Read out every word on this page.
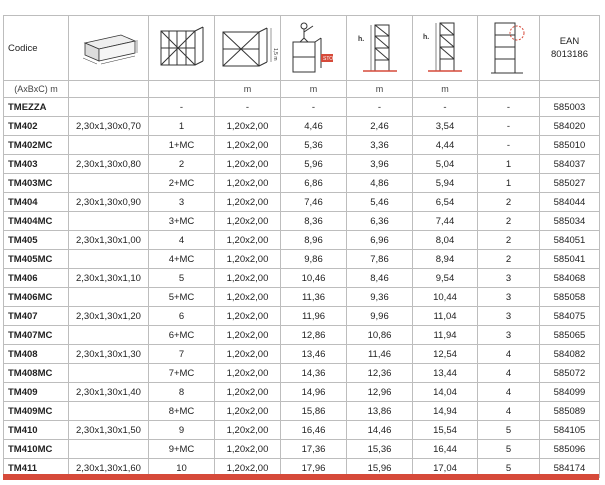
Codice			1,5 m	STOP	h.	h.		EAN
8013186

(AxBxC) m			m	m	m	m		
TMEZZA		-	-	-	-	-	-	585003
TM402	2,30x1,30x0,70	1	1,20x2,00	4,46	2,46	3,54	-	584020
TM402MC		1+MC	1,20x2,00	5,36	3,36	4,44	-	585010
TM403	2,30x1,30x0,80	2	1,20x2,00	5,96	3,96	5,04	1	584037
TM403MC		2+MC	1,20x2,00	6,86	4,86	5,94	1	585027
TM404	2,30x1,30x0,90	3	1,20x2,00	7,46	5,46	6,54	2	584044
TM404MC		3+MC	1,20x2,00	8,36	6,36	7,44	2	585034
TM405	2,30x1,30x1,00	4	1,20x2,00	8,96	6,96	8,04	2	584051
TM405MC		4+MC	1,20x2,00	9,86	7,86	8,94	2	585041
TM406	2,30x1,30x1,10	5	1,20x2,00	10,46	8,46	9,54	3	584068
TM406MC		5+MC	1,20x2,00	11,36	9,36	10,44	3	585058
TM407	2,30x1,30x1,20	6	1,20x2,00	11,96	9,96	11,04	3	584075
TM407MC		6+MC	1,20x2,00	12,86	10,86	11,94	3	585065
TM408	2,30x1,30x1,30	7	1,20x2,00	13,46	11,46	12,54	4	584082
TM408MC		7+MC	1,20x2,00	14,36	12,36	13,44	4	585072
TM409	2,30x1,30x1,40	8	1,20x2,00	14,96	12,96	14,04	4	584099
TM409MC		8+MC	1,20x2,00	15,86	13,86	14,94	4	585089
TM410	2,30x1,30x1,50	9	1,20x2,00	16,46	14,46	15,54	5	584105
TM410MC		9+MC	1,20x2,00	17,36	15,36	16,44	5	585096
TM411	2,30x1,30x1,60	10	1,20x2,00	17,96	15,96	17,04	5	584174
